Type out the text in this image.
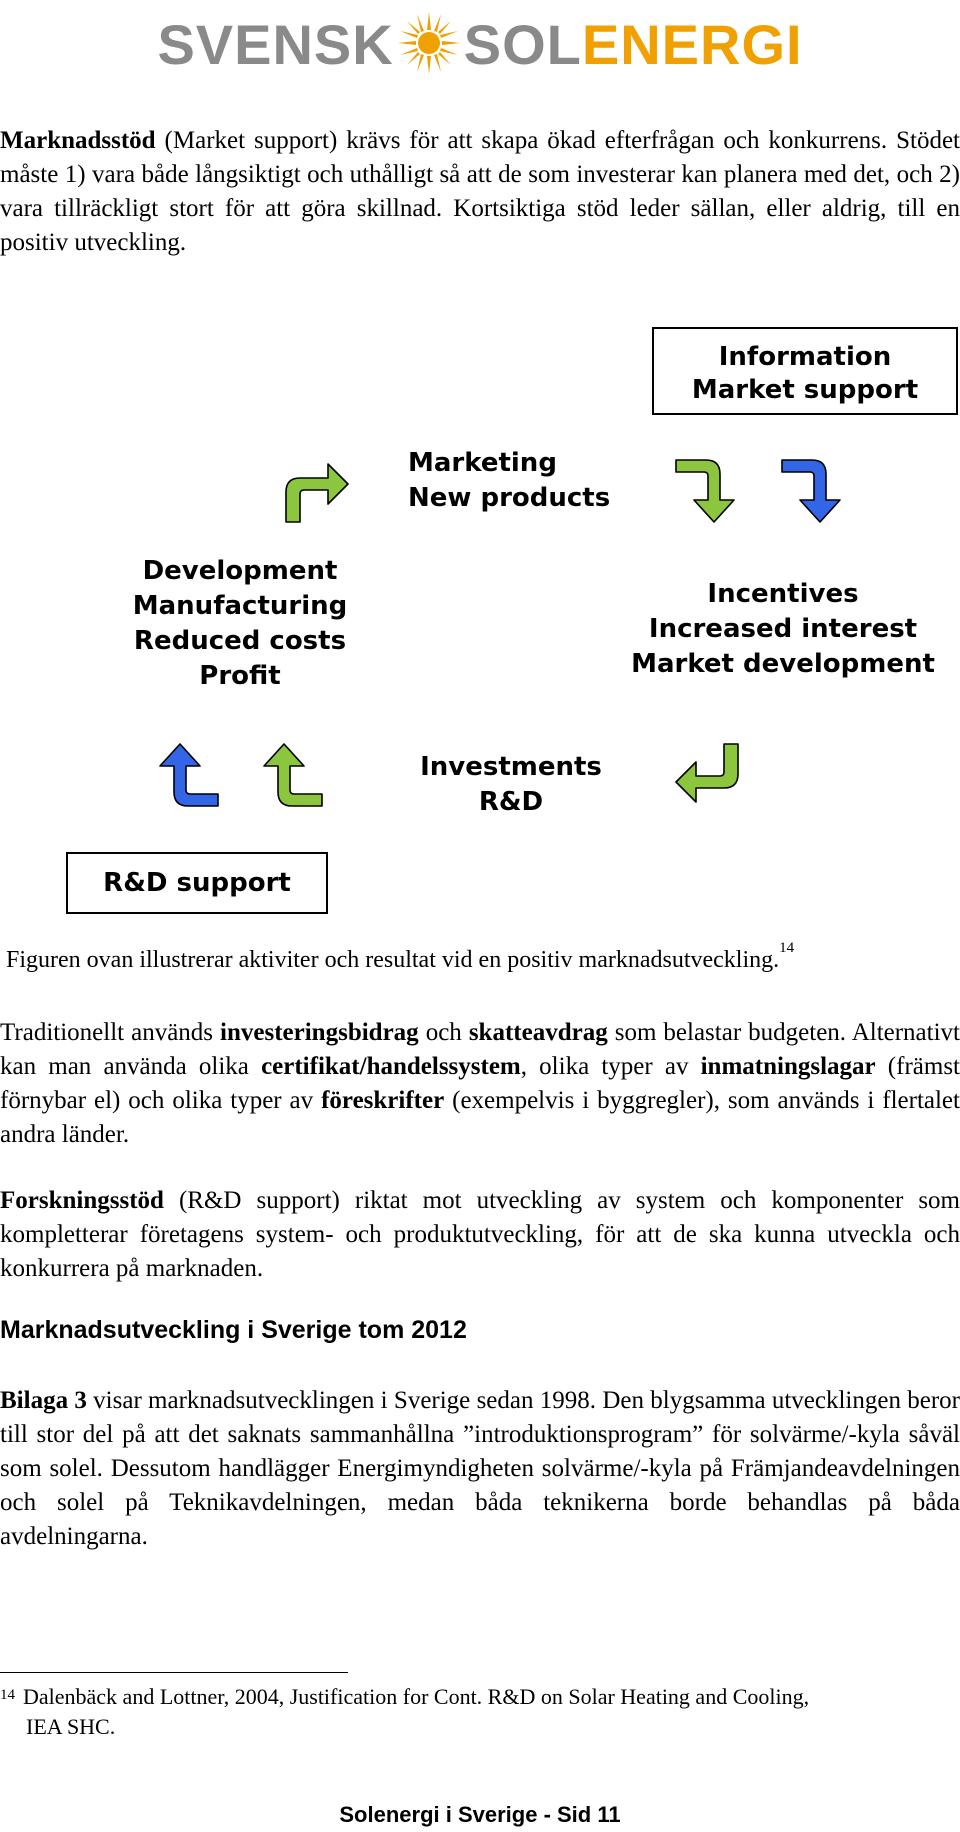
SVENSK SOLENERGI

Marknadsstöd (Market support) krävs för att skapa ökad efterfrågan och konkurrens. Stödet måste 1) vara både långsiktigt och uthålligt så att de som investerar kan planera med det, och 2) vara tillräckligt stort för att göra skillnad. Kortsiktiga stöd leder sällan, eller aldrig, till en positiv utveckling.

Information
Market support
Marketing
New products
Development
Manufacturing
Reduced costs
Profit
Incentives
Increased interest
Market development
Investments
R&D
R&D support
Figuren ovan illustrerar aktiviter och resultat vid en positiv marknadsutveckling.$^{14}$

Traditionellt används investeringsbidrag och skatteavdrag som belastar budgeten. Alternativt kan man använda olika certifikat/handelssystem, olika typer av inmatningslagar (främst förnybar el) och olika typer av föreskrifter (exempelvis i byggregler), som används i flertalet andra länder.

Forskningsstöd (R&D support) riktat mot utveckling av system och komponenter som kompletterar företagens system- och produktutveckling, för att de ska kunna utveckla och konkurrera på marknaden.

Marknadsutveckling i Sverige tom 2012

Bilaga 3 visar marknadsutvecklingen i Sverige sedan 1998. Den blygsamma utvecklingen beror till stor del på att det saknats sammanhållna ”introduktionsprogram” för solvärme/-kyla såväl som solel. Dessutom handlägger Energimyndigheten solvärme/-kyla på Främjandeavdelningen och solel på Teknikavdelningen, medan båda teknikerna borde behandlas på båda avdelningarna.

$^{14}$ Dalenbäck and Lottner, 2004, Justification for Cont. R&D on Solar Heating and Cooling,
IEA SHC.
Solenergi i Sverige - Sid 11
